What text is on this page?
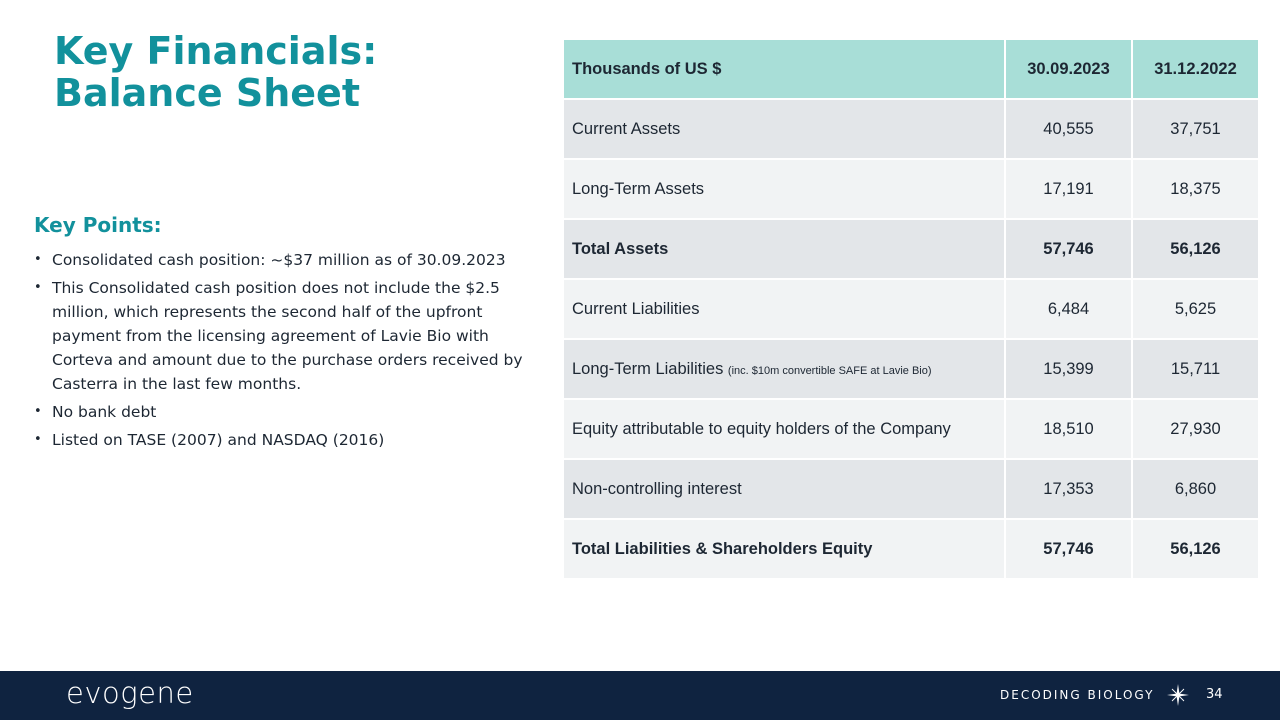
Key Financials:
Balance Sheet
Key Points:
• Consolidated cash position: ~$37 million as of 30.09.2023
• This Consolidated cash position does not include the $2.5 million, which represents the second half of the upfront payment from the licensing agreement of Lavie Bio with Corteva and amount due to the purchase orders received by Casterra in the last few months.
• No bank debt
• Listed on TASE (2007) and NASDAQ (2016)
Thousands of US $	30.09.2023	31.12.2022
Current Assets	40,555	37,751
Long-Term Assets	17,191	18,375
Total Assets	57,746	56,126
Current Liabilities	6,484	5,625
Long-Term Liabilities (inc. $10m convertible SAFE at Lavie Bio)	15,399	15,711
Equity attributable to equity holders of the Company	18,510	27,930
Non-controlling interest	17,353	6,860
Total Liabilities & Shareholders Equity	57,746	56,126
evogene	DECODING BIOLOGY	34
